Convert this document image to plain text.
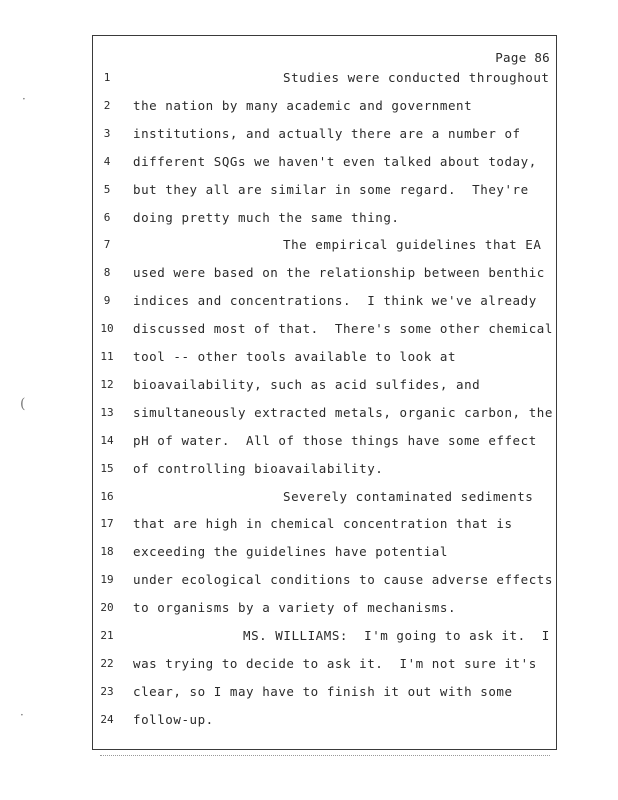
·
(
·
Page 86
1	Studies were conducted throughout
2	the nation by many academic and government
3	institutions, and actually there are a number of
4	different SQGs we haven't even talked about today,
5	but they all are similar in some regard.  They're
6	doing pretty much the same thing.
7	The empirical guidelines that EA
8	used were based on the relationship between benthic
9	indices and concentrations.  I think we've already
10 discussed most of that.  There's some other chemical
11 tool -- other tools available to look at
12 bioavailability, such as acid sulfides, and
13 simultaneously extracted metals, organic carbon, the
14 pH of water.  All of those things have some effect
15 of controlling bioavailability.
16	Severely contaminated sediments
17 that are high in chemical concentration that is
18 exceeding the guidelines have potential
19 under ecological conditions to cause adverse effects
20 to organisms by a variety of mechanisms.
21	MS. WILLIAMS:  I'm going to ask it.  I
22 was trying to decide to ask it.  I'm not sure it's
23 clear, so I may have to finish it out with some
24 follow-up.
